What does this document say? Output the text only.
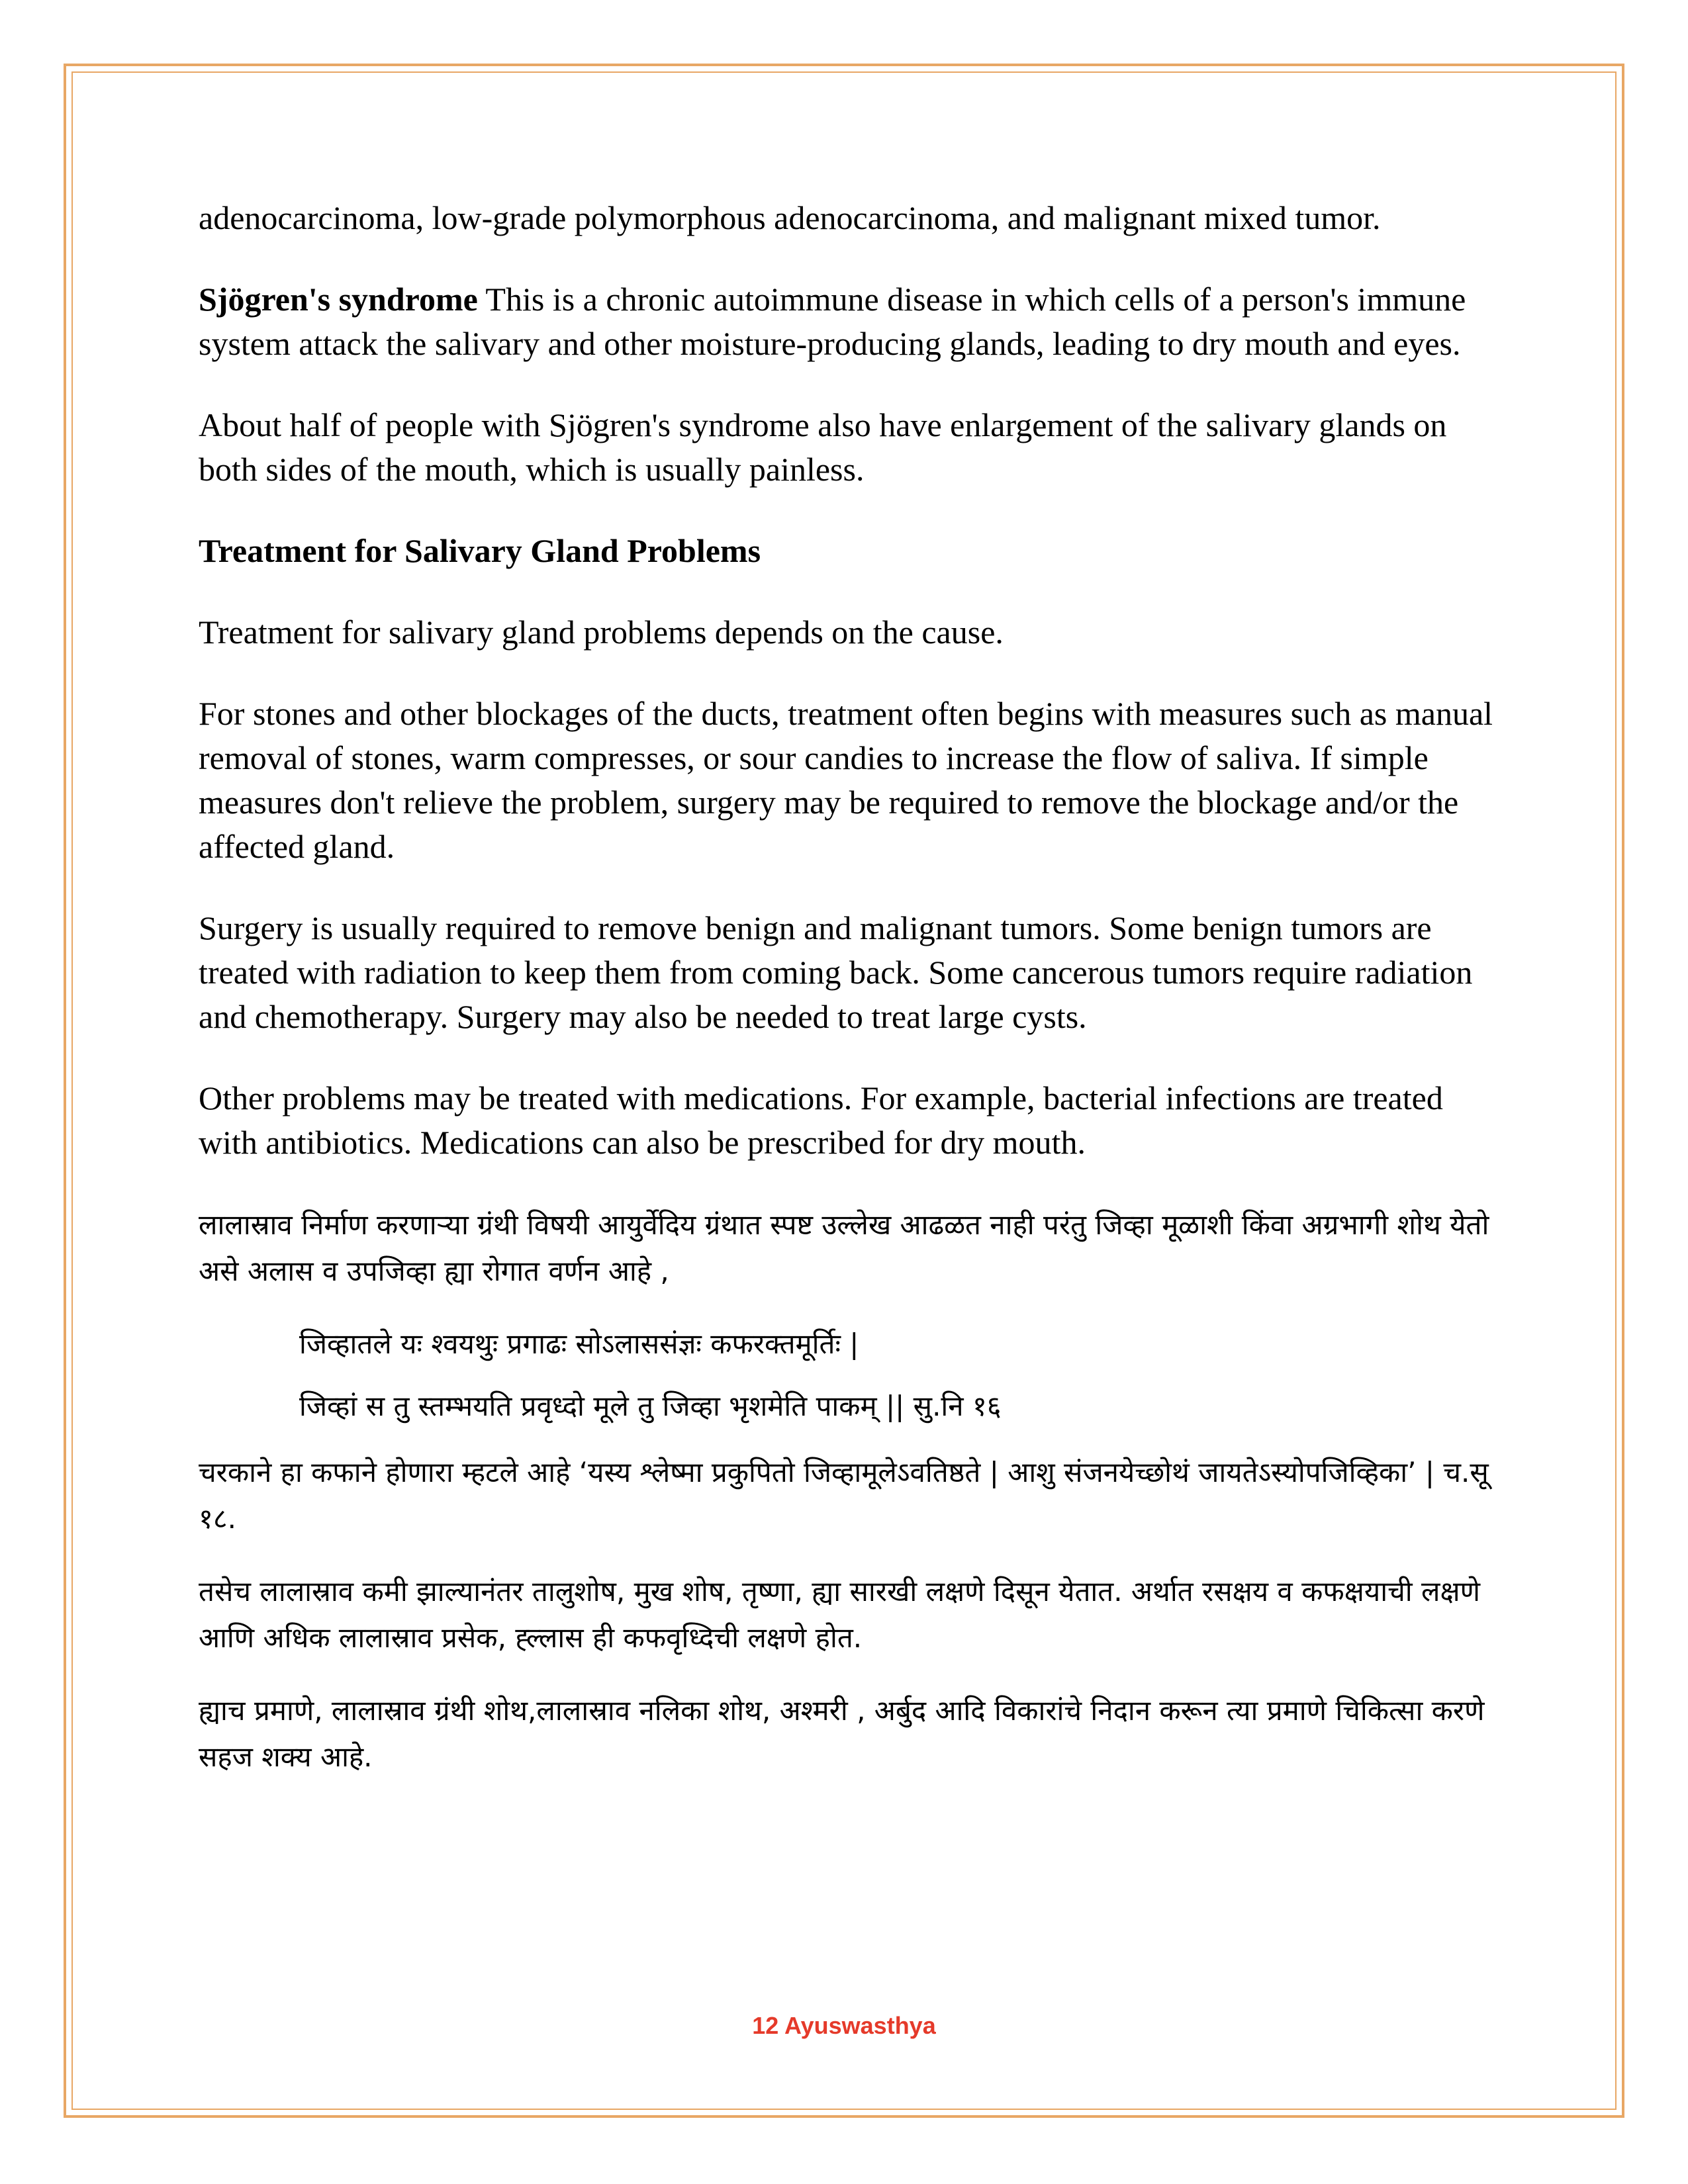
adenocarcinoma, low-grade polymorphous adenocarcinoma, and malignant mixed tumor.

Sjögren's syndrome This is a chronic autoimmune disease in which cells of a person's immune system attack the salivary and other moisture-producing glands, leading to dry mouth and eyes.

About half of people with Sjögren's syndrome also have enlargement of the salivary glands on both sides of the mouth, which is usually painless.

Treatment for Salivary Gland Problems

Treatment for salivary gland problems depends on the cause.

For stones and other blockages of the ducts, treatment often begins with measures such as manual removal of stones, warm compresses, or sour candies to increase the flow of saliva. If simple measures don't relieve the problem, surgery may be required to remove the blockage and/or the affected gland.

Surgery is usually required to remove benign and malignant tumors. Some benign tumors are treated with radiation to keep them from coming back. Some cancerous tumors require radiation and chemotherapy. Surgery may also be needed to treat large cysts.

Other problems may be treated with medications. For example, bacterial infections are treated with antibiotics. Medications can also be prescribed for dry mouth.

लालास्राव निर्माण करणाऱ्या ग्रंथी विषयी आयुर्वेदिय ग्रंथात स्पष्ट उल्लेख आढळत नाही परंतु जिव्हा मूळाशी किंवा अग्रभागी शोथ येतो असे अलास व उपजिव्हा ह्या रोगात वर्णन आहे ,

जिव्हातले यः श्वयथुः प्रगाढः सोऽलाससंज्ञः कफरक्तमूर्तिः |

जिव्हां स तु स्तम्भयति प्रवृध्दो मूले तु जिव्हा भृशमेति पाकम् || सु.नि १६

चरकाने हा कफाने होणारा म्हटले आहे ‘यस्य श्लेष्मा प्रकुपितो जिव्हामूलेऽवतिष्ठते | आशु संजनयेच्छोथं जायतेऽस्योपजिव्हिका’ | च.सू १८.

तसेच लालास्राव कमी झाल्यानंतर तालुशोष, मुख शोष, तृष्णा, ह्या सारखी लक्षणे दिसून येतात. अर्थात रसक्षय व कफक्षयाची लक्षणे आणि अधिक लालास्राव प्रसेक, ह्ल्लास ही कफवृध्दिची लक्षणे होत.

ह्याच प्रमाणे, लालास्राव ग्रंथी शोथ,लालास्राव नलिका शोथ, अश्मरी , अर्बुद आदि विकारांचे निदान करून त्या प्रमाणे चिकित्सा करणे सहज शक्य आहे.

12 Ayuswasthya
